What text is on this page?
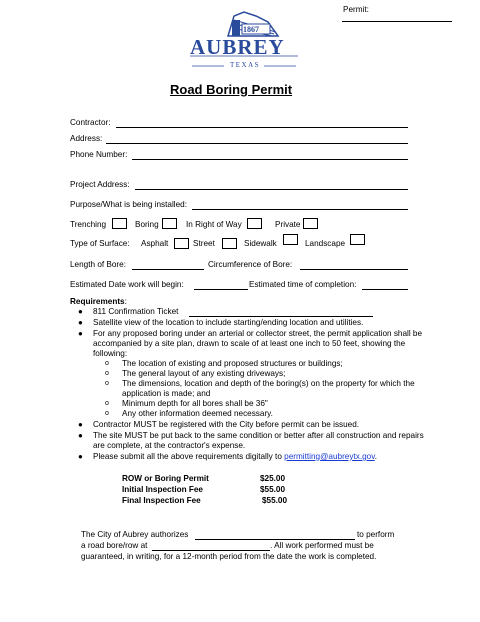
Permit:
1867
AUBREY
TEXAS
Road Boring Permit
Contractor:
Address:
Phone Number:
Project Address:
Purpose/What is being installed:
Trenching	Boring	In Right of Way	Private
Type of Surface: Asphalt	Street	Sidewalk	Landscape
Length of Bore:	Circumference of Bore:
Estimated Date work will begin:	Estimated time of completion:
Requirements:
● 811 Confirmation Ticket
● Satellite view of the location to include starting/ending location and utilities.
● For any proposed boring under an arterial or collector street, the permit application shall be
accompanied by a site plan, drawn to scale of at least one inch to 50 feet, showing the
following:
o The location of existing and proposed structures or buildings;
o The general layout of any existing driveways;
o The dimensions, location and depth of the boring(s) on the property for which the
application is made; and
o Minimum depth for all bores shall be 36"
o Any other information deemed necessary.
● Contractor MUST be registered with the City before permit can be issued.
● The site MUST be put back to the same condition or better after all construction and repairs
are complete, at the contractor's expense.
● Please submit all the above requirements digitally to permitting@aubreytx.gov.
ROW or Boring Permit	$25.00
Initial Inspection Fee	$55.00
Final Inspection Fee	$55.00
The City of Aubrey authorizes	to perform
a road bore/row at	. All work performed must be
guaranteed, in writing, for a 12-month period from the date the work is completed.
